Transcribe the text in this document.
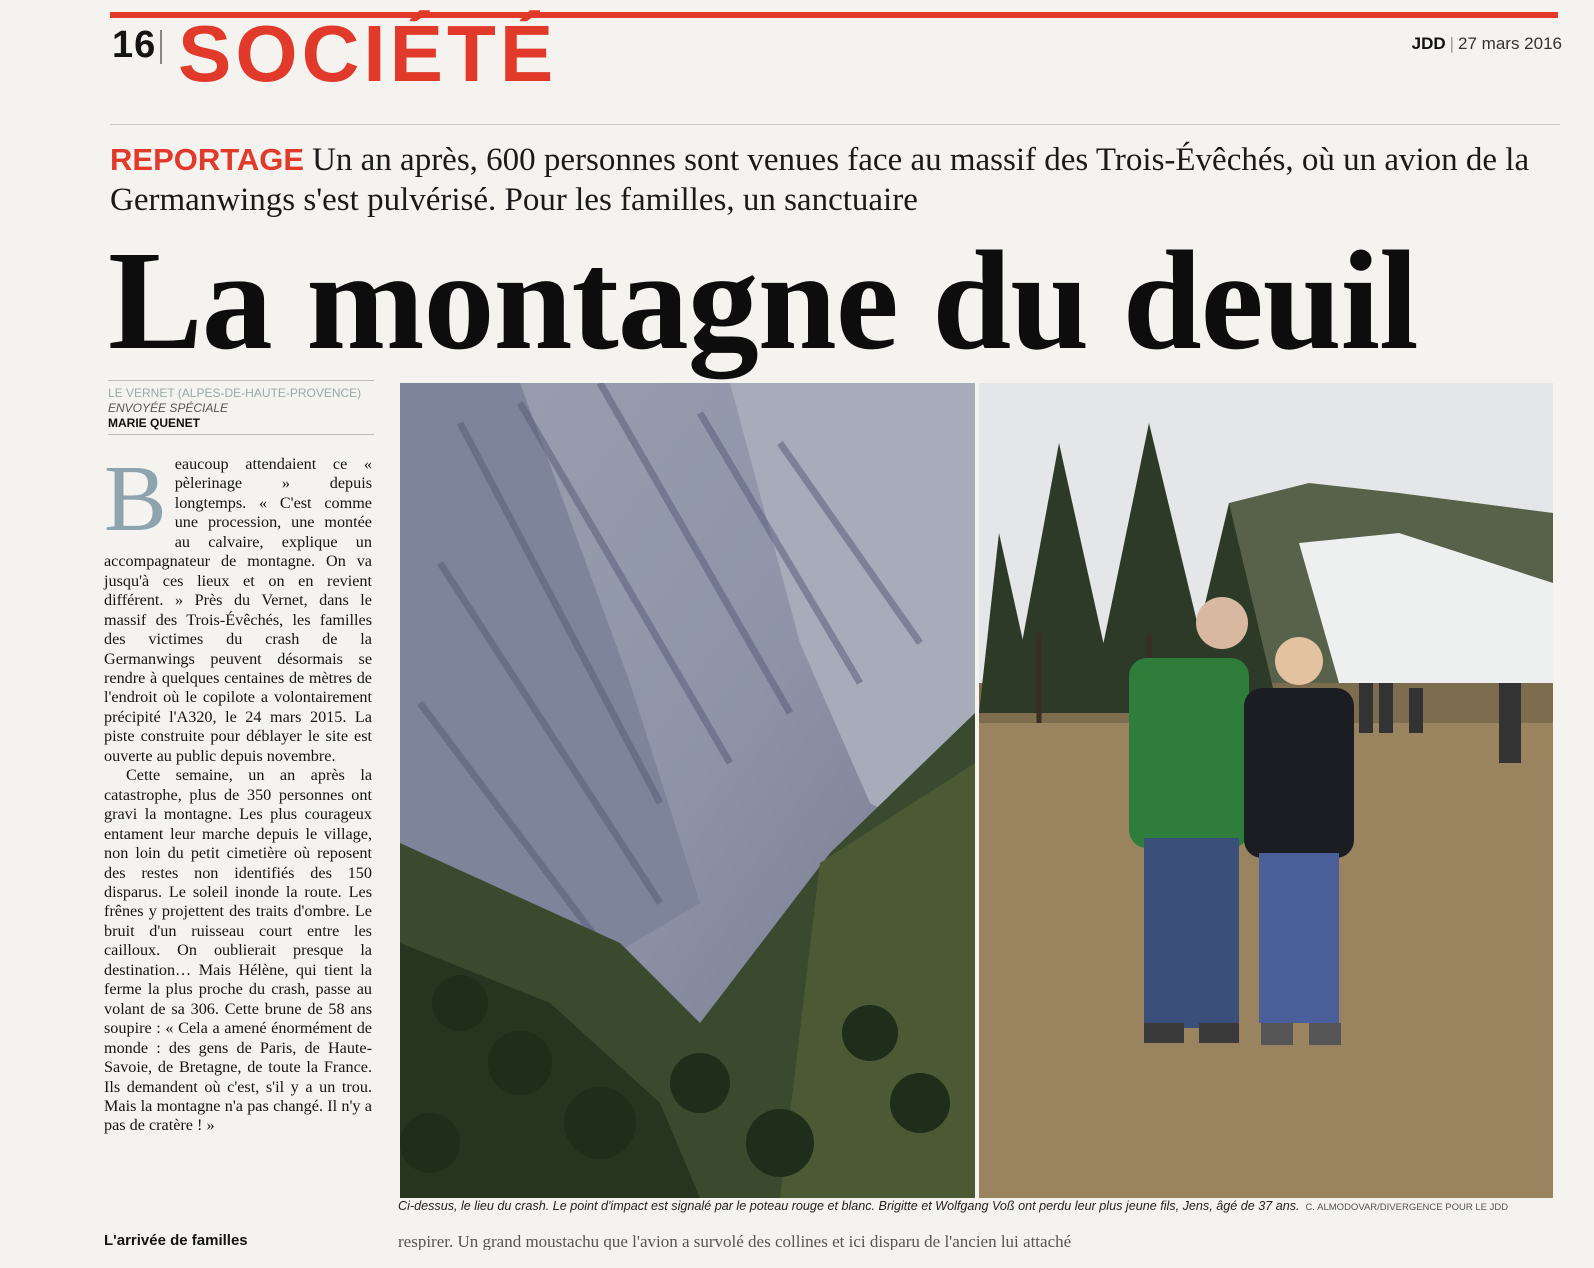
16 SOCIÉTÉ	JDD | 27 mars 2016
REPORTAGE Un an après, 600 personnes sont venues face au massif des Trois-Évêchés, où un avion de la Germanwings s'est pulvérisé. Pour les familles, un sanctuaire
La montagne du deuil
LE VERNET (ALPES-DE-HAUTE-PROVENCE)
ENVOYÉE SPÉCIALE
MARIE QUENET

Beaucoup attendaient ce « pèlerinage » depuis longtemps. « C'est comme une procession, une montée au calvaire, explique un accompagnateur de montagne. On va jusqu'à ces lieux et on en revient différent. » Près du Vernet, dans le massif des Trois-Évêchés, les familles des victimes du crash de la Germanwings peuvent désormais se rendre à quelques centaines de mètres de l'endroit où le copilote a volontairement précipité l'A320, le 24 mars 2015. La piste construite pour déblayer le site est ouverte au public depuis novembre.

Cette semaine, un an après la catastrophe, plus de 350 personnes ont gravi la montagne. Les plus courageux entament leur marche depuis le village, non loin du petit cimetière où reposent des restes non identifiés des 150 disparus. Le soleil inonde la route. Les frênes y projettent des traits d'ombre. Le bruit d'un ruisseau court entre les cailloux. On oublierait presque la destination… Mais Hélène, qui tient la ferme la plus proche du crash, passe au volant de sa 306. Cette brune de 58 ans soupire : « Cela a amené énormément de monde : des gens de Paris, de Haute-Savoie, de Bretagne, de toute la France. Ils demandent où c'est, s'il y a un trou. Mais la montagne n'a pas changé. Il n'y a pas de cratère ! »

L'arrivée de familles
Ci-dessus, le lieu du crash. Le point d'impact est signalé par le poteau rouge et blanc. Brigitte et Wolfgang Voß ont perdu leur plus jeune fils, Jens, âgé de 37 ans. C. ALMODOVAR/DIVERGENCE POUR LE JDD
respirer. Un grand moustachu que l'avion a survolé des collines et ici disparu de l'ancien lui attaché
